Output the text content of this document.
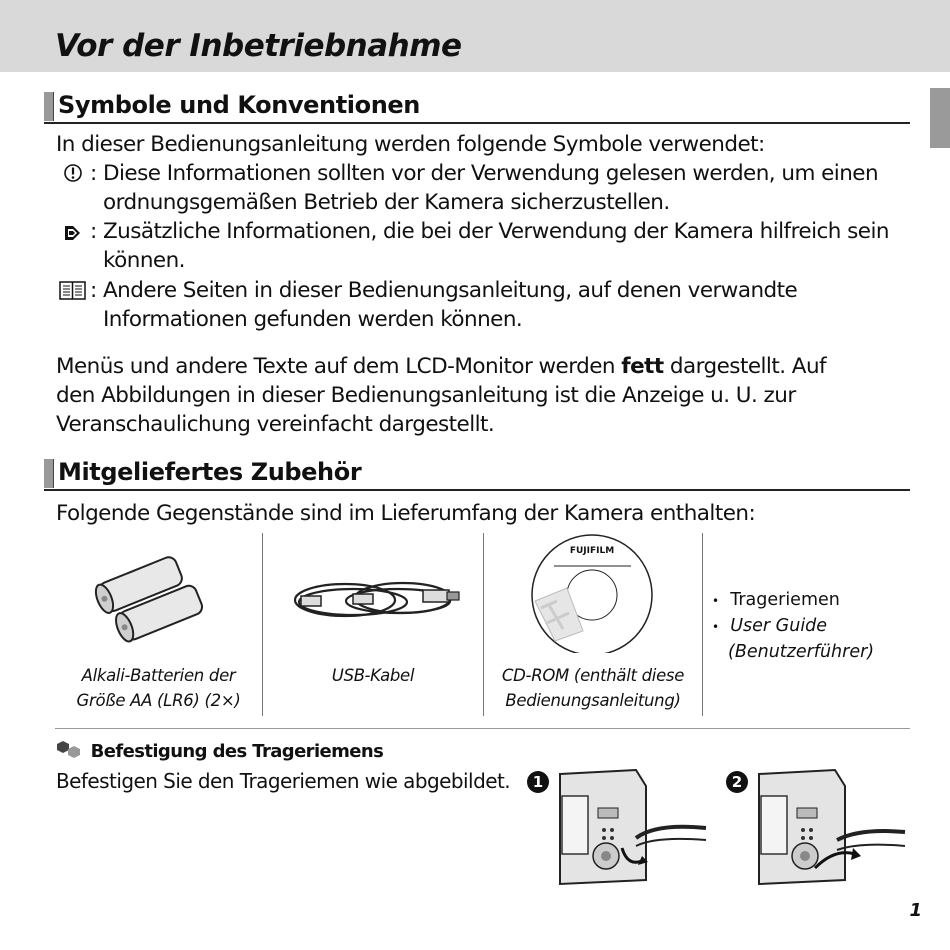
Vor der Inbetriebnahme
Symbole und Konventionen
In dieser Bedienungsanleitung werden folgende Symbole verwendet:
: Diese Informationen sollten vor der Verwendung gelesen werden, um einen
ordnungsgemäßen Betrieb der Kamera sicherzustellen.
: Zusätzliche Informationen, die bei der Verwendung der Kamera hilfreich sein
können.
: Andere Seiten in dieser Bedienungsanleitung, auf denen verwandte
Informationen gefunden werden können.
Menüs und andere Texte auf dem LCD-Monitor werden fett dargestellt. Auf
den Abbildungen in dieser Bedienungsanleitung ist die Anzeige u. U. zur
Veranschaulichung vereinfacht dargestellt.
Mitgeliefertes Zubehör
Folgende Gegenstände sind im Lieferumfang der Kamera enthalten:
Alkali-Batterien der
Größe AA (LR6) (2×)
USB-Kabel
FUJIFILM
CD-ROM (enthält diese
Bedienungsanleitung)
• Trageriemen
• User Guide
(Benutzerführer)
Befestigung des Trageriemens
Befestigen Sie den Trageriemen wie abgebildet.	1	2
1
